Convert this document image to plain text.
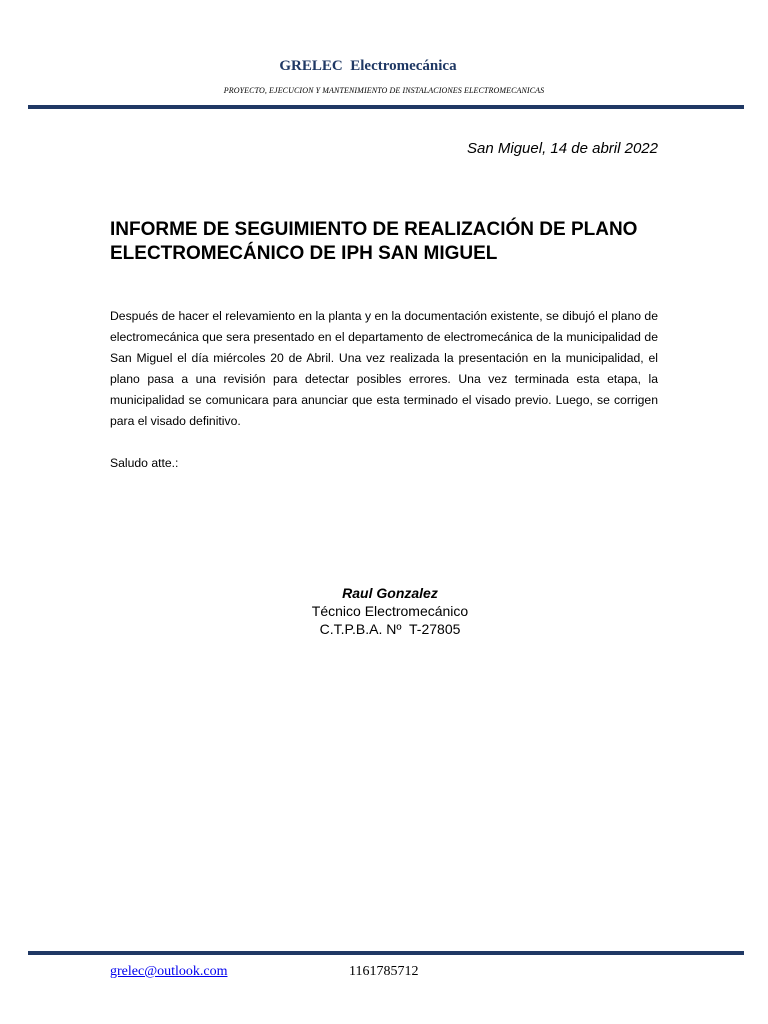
GRELEC  Electromecánica
PROYECTO, EJECUCION Y MANTENIMIENTO DE INSTALACIONES ELECTROMECANICAS
San Miguel, 14 de abril 2022
INFORME DE SEGUIMIENTO DE REALIZACIÓN DE PLANO ELECTROMECÁNICO DE IPH SAN MIGUEL

Después de hacer el relevamiento en la planta y en la documentación existente, se dibujó el plano de electromecánica que sera presentado en el departamento de electromecánica de la municipalidad de San Miguel el día miércoles 20 de Abril. Una vez realizada la presentación en la municipalidad, el plano pasa a una revisión para detectar posibles errores. Una vez terminada esta etapa, la municipalidad se comunicara para anunciar que esta terminado el visado previo. Luego, se corrigen para el visado definitivo.

Saludo atte.:

Raul Gonzalez
Técnico Electromecánico
C.T.P.B.A. Nº  T-27805
grelec@outlook.com	1161785712
